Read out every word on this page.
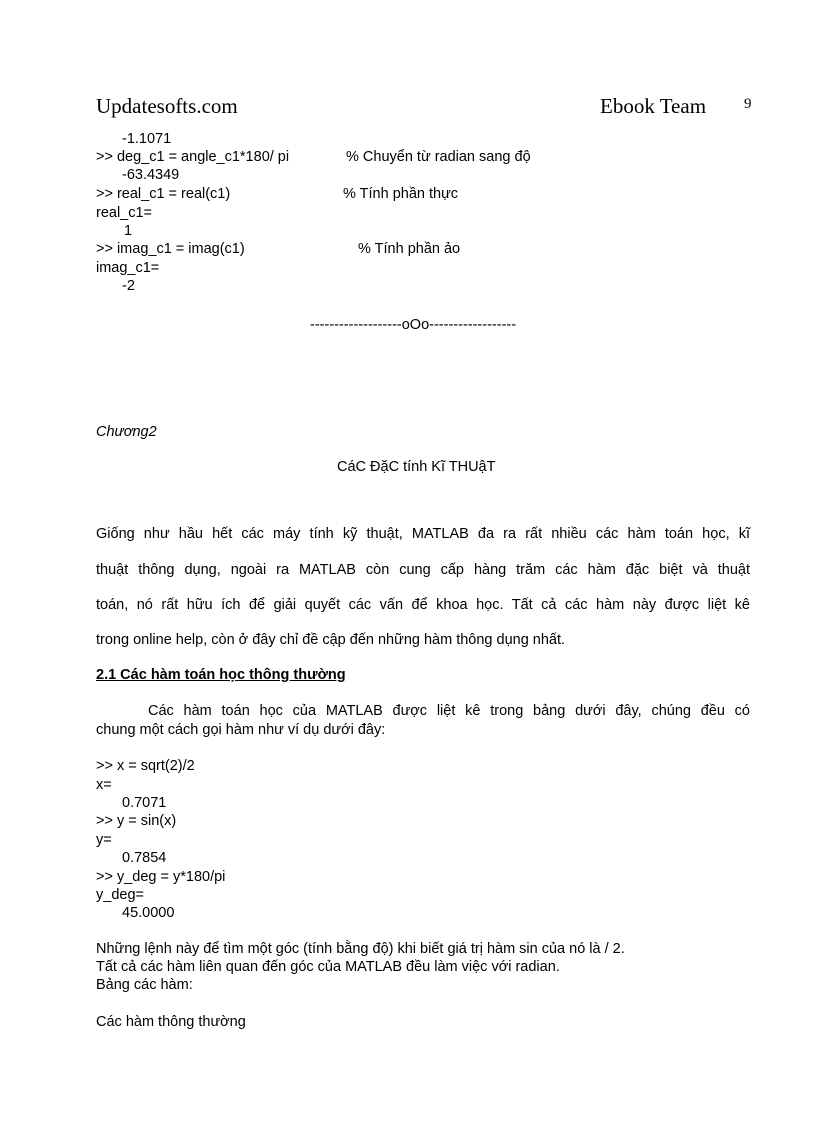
Updatesofts.com	Ebook Team	9
-1.1071
>> deg_c1 = angle_c1*180/ pi	% Chuyển từ radian sang độ
-63.4349
>> real_c1 = real(c1)	% Tính phần thực
real_c1=
1
>> imag_c1 = imag(c1)	% Tính phần ảo
imag_c1=
-2
-------------------oOo------------------
Chương2
CáC ĐặC tính Kĩ THUậT
Giống như hầu hết các máy tính kỹ thuật, MATLAB đa ra rất nhiều các hàm toán học, kĩ
thuật thông dụng, ngoài ra MATLAB còn cung cấp hàng trăm các hàm đặc biệt và thuật
toán, nó rất hữu ích để giải quyết các vấn để khoa học. Tất cả các hàm này được liệt kê
trong online help, còn ở đây chỉ đề cập đến những hàm thông dụng nhất.
2.1 Các hàm toán học thông thường
Các hàm toán học của MATLAB được liệt kê trong bảng dưới đây, chúng đều có
chung một cách gọi hàm như ví dụ dưới đây:
>> x = sqrt(2)/2
x=
0.7071
>> y = sin(x)
y=
0.7854
>> y_deg = y*180/pi
y_deg=
45.0000
Những lệnh này để tìm một góc (tính bằng độ) khi biết giá trị hàm sin của nó là / 2.
Tất cả các hàm liên quan đến góc của MATLAB đều làm việc với radian.
Bảng các hàm:
Các hàm thông thường
